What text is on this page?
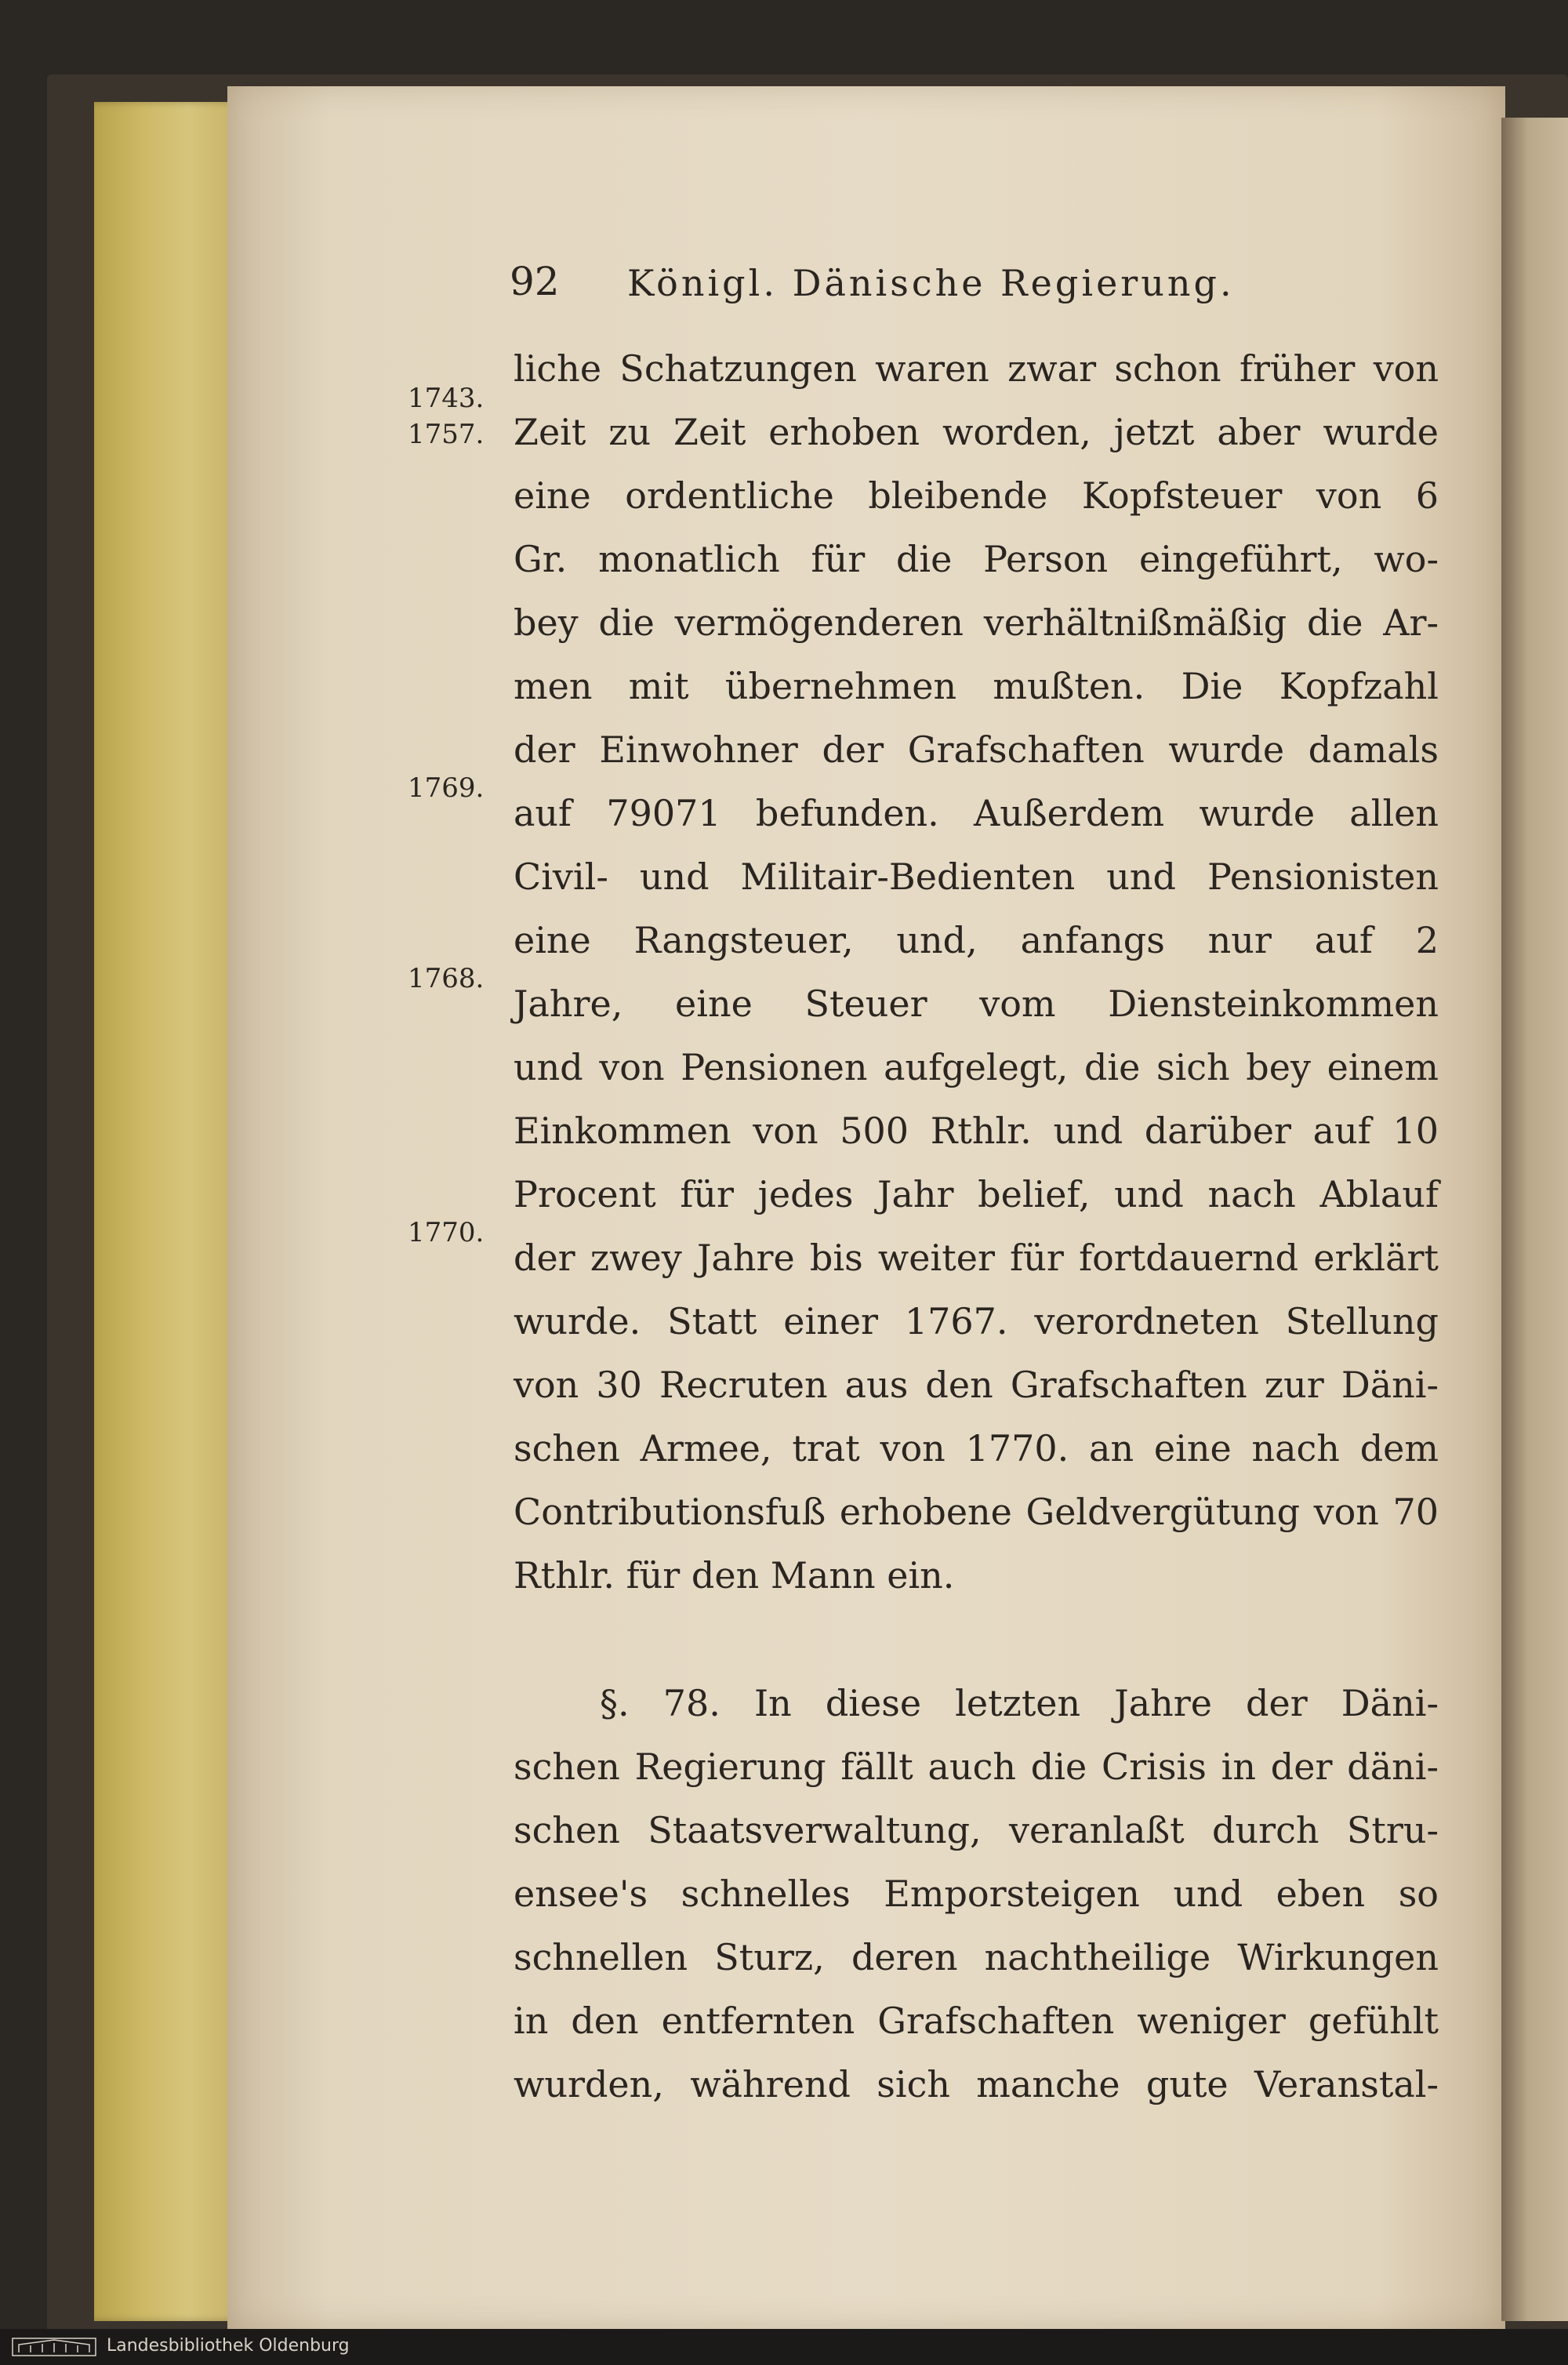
92 Königl. Dänische Regierung.
1743.
1757.
1769.
1768.
1770.
liche Schatzungen waren zwar schon früher von
Zeit zu Zeit erhoben worden, jetzt aber wurde
eine ordentliche bleibende Kopfsteuer von 6
Gr. monatlich für die Person eingeführt, wo-
bey die vermögenderen verhältnißmäßig die Ar-
men mit übernehmen mußten. Die Kopfzahl
der Einwohner der Grafschaften wurde damals
auf 79071 befunden. Außerdem wurde allen
Civil- und Militair-Bedienten und Pensionisten
eine Rangsteuer, und, anfangs nur auf 2
Jahre, eine Steuer vom Diensteinkommen
und von Pensionen aufgelegt, die sich bey einem
Einkommen von 500 Rthlr. und darüber auf 10
Procent für jedes Jahr belief, und nach Ablauf
der zwey Jahre bis weiter für fortdauernd erklärt
wurde. Statt einer 1767. verordneten Stellung
von 30 Recruten aus den Grafschaften zur Däni-
schen Armee, trat von 1770. an eine nach dem
Contributionsfuß erhobene Geldvergütung von 70
Rthlr. für den Mann ein.
§. 78. In diese letzten Jahre der Däni-
schen Regierung fällt auch die Crisis in der däni-
schen Staatsverwaltung, veranlaßt durch Stru-
ensee's schnelles Emporsteigen und eben so
schnellen Sturz, deren nachtheilige Wirkungen
in den entfernten Grafschaften weniger gefühlt
wurden, während sich manche gute Veranstal-
Landesbibliothek Oldenburg
